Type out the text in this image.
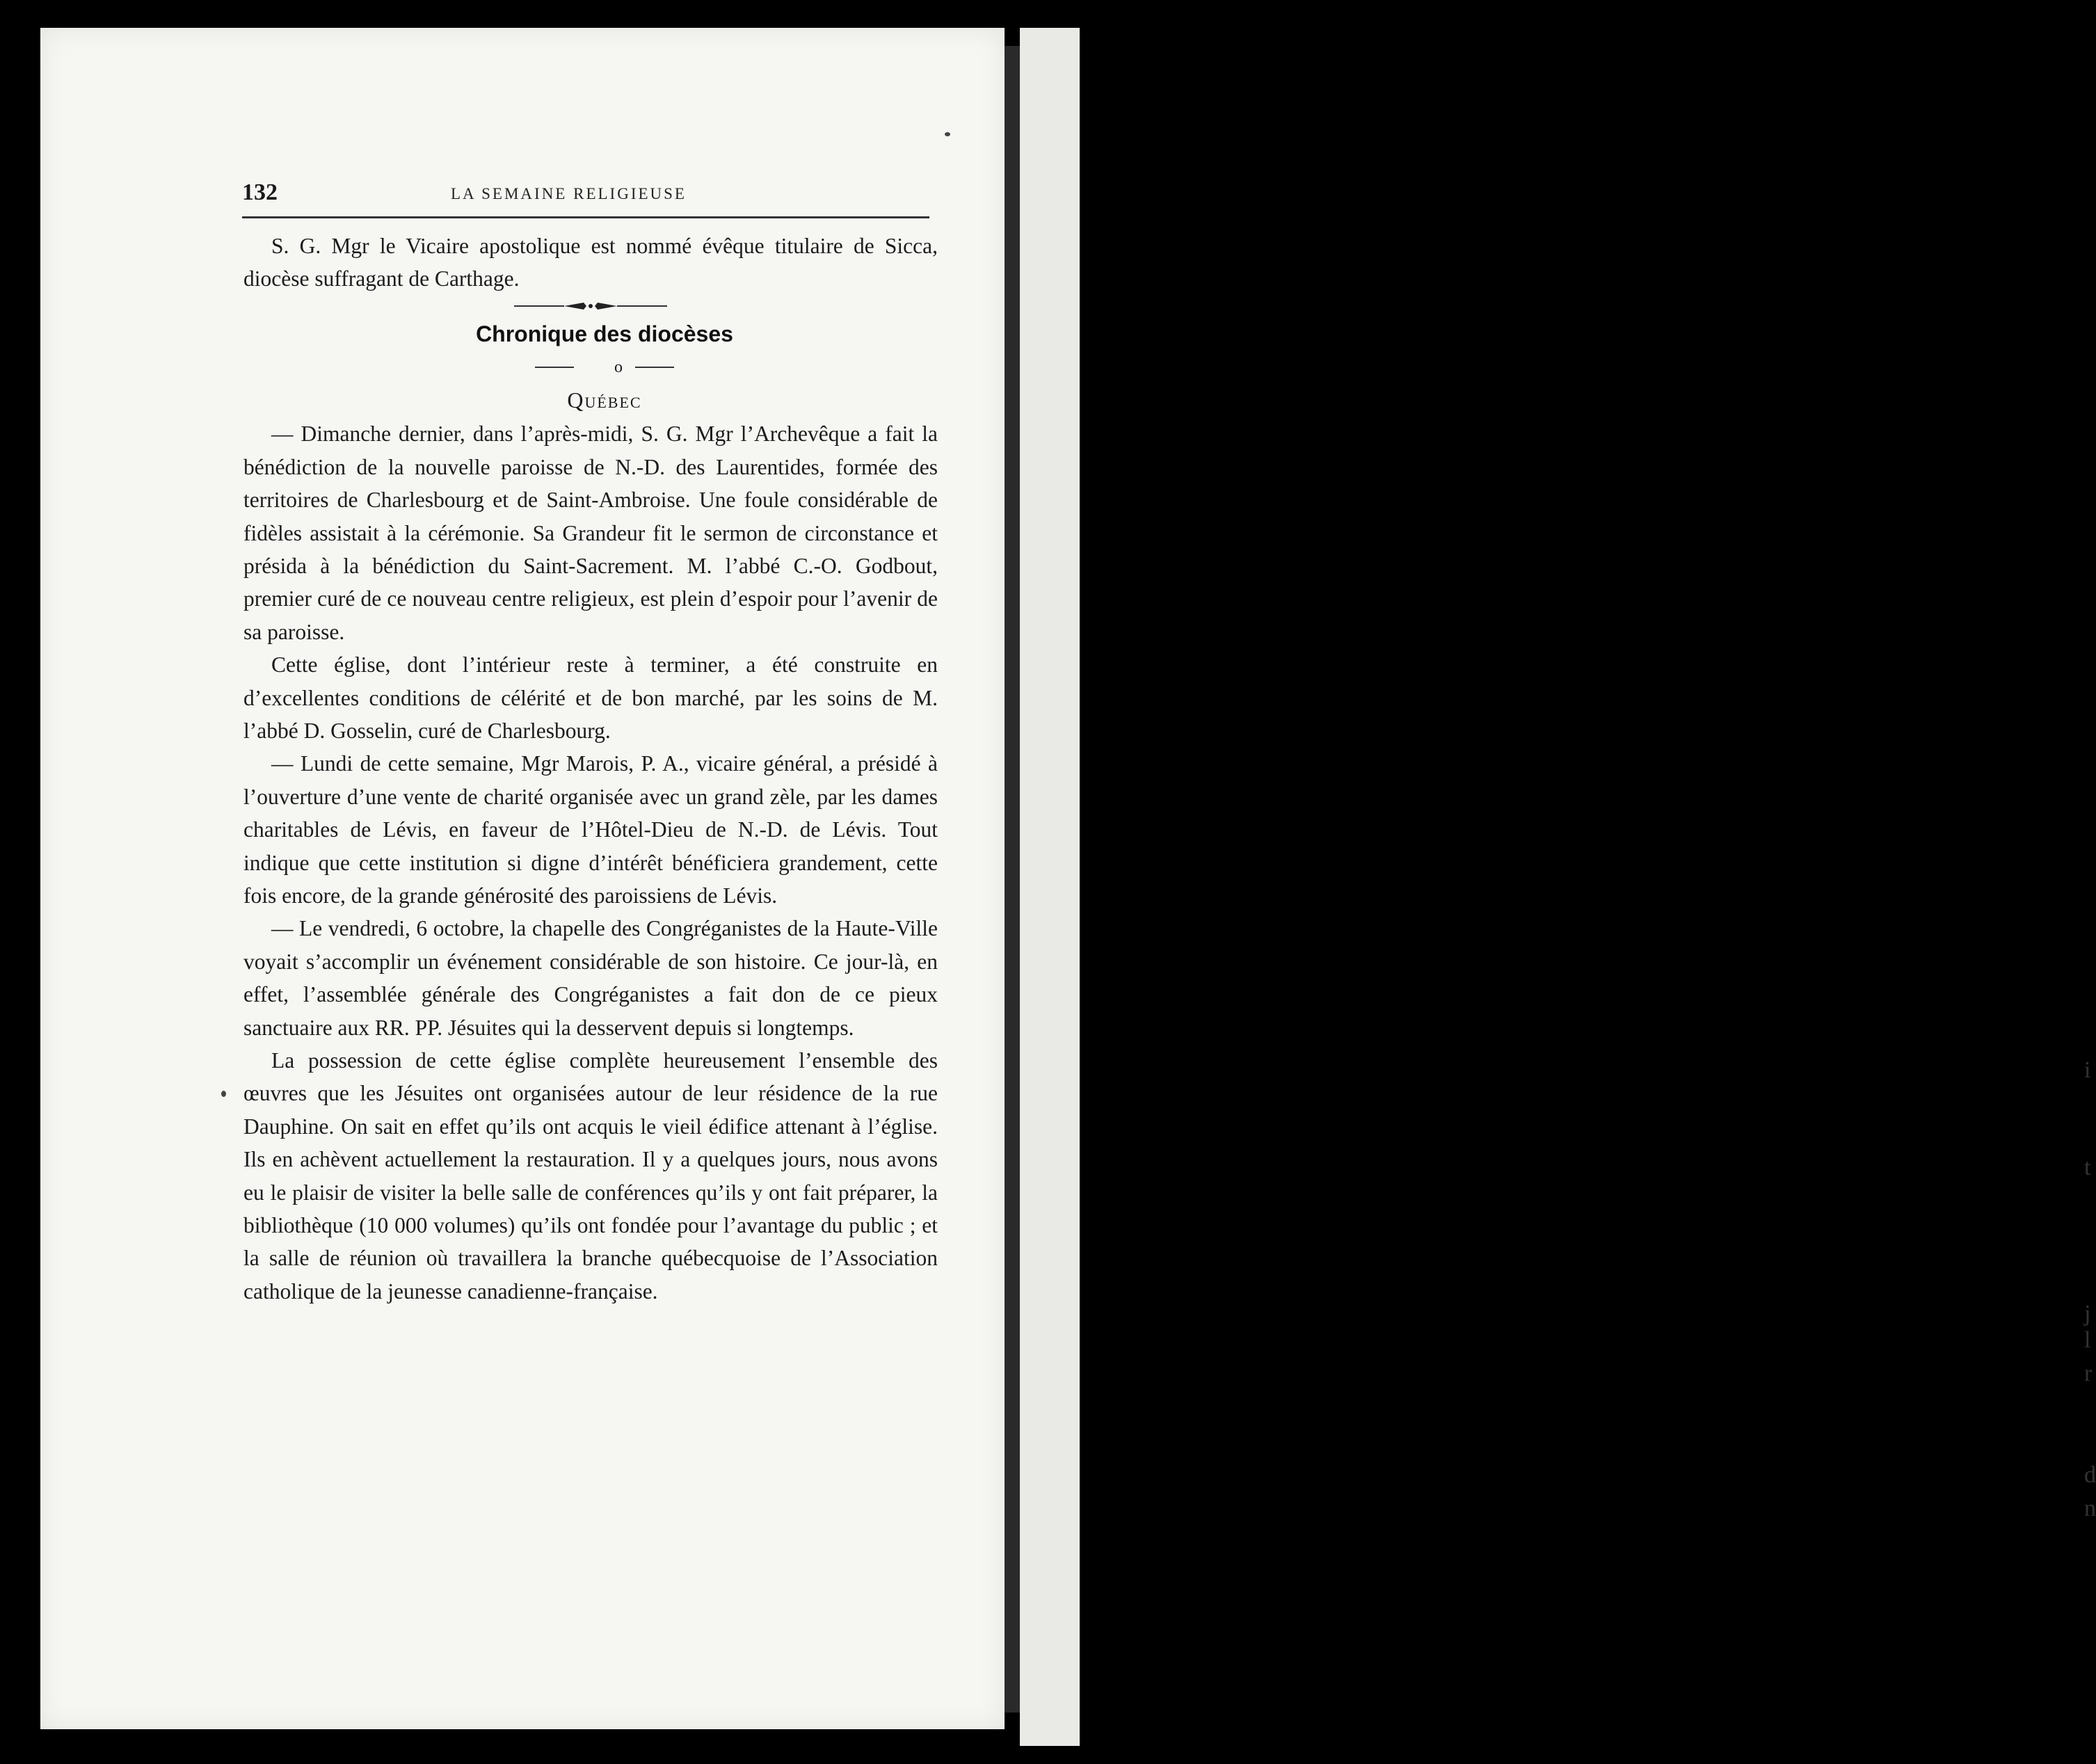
i
t
j
l
r
d
n
132	LA SEMAINE RELIGIEUSE

S. G. Mgr le Vicaire apostolique est nommé évêque titulaire de Sicca, diocèse suffragant de Carthage.

Chronique des diocèses

o

Québec

— Dimanche dernier, dans l’après-midi, S. G. Mgr l’Archevêque a fait la bénédiction de la nouvelle paroisse de N.-D. des Laurentides, formée des territoires de Charlesbourg et de Saint-Ambroise. Une foule considérable de fidèles assistait à la cérémonie. Sa Grandeur fit le sermon de circonstance et présida à la bénédiction du Saint-Sacrement. M. l’abbé C.-O. Godbout, premier curé de ce nouveau centre religieux, est plein d’espoir pour l’avenir de sa paroisse.

Cette église, dont l’intérieur reste à terminer, a été construite en d’excellentes conditions de célérité et de bon marché, par les soins de M. l’abbé D. Gosselin, curé de Charlesbourg.

— Lundi de cette semaine, Mgr Marois, P. A., vicaire général, a présidé à l’ouverture d’une vente de charité organisée avec un grand zèle, par les dames charitables de Lévis, en faveur de l’Hôtel-Dieu de N.-D. de Lévis. Tout indique que cette institution si digne d’intérêt bénéficiera grandement, cette fois encore, de la grande générosité des paroissiens de Lévis.

— Le vendredi, 6 octobre, la chapelle des Congréganistes de la Haute-Ville voyait s’accomplir un événement considérable de son histoire. Ce jour-là, en effet, l’assemblée générale des Congréganistes a fait don de ce pieux sanctuaire aux RR. PP. Jésuites qui la desservent depuis si longtemps.

La possession de cette église complète heureusement l’ensemble des œuvres que les Jésuites ont organisées autour de leur résidence de la rue Dauphine. On sait en effet qu’ils ont acquis le vieil édifice attenant à l’église. Ils en achèvent actuellement la restauration. Il y a quelques jours, nous avons eu le plaisir de visiter la belle salle de conférences qu’ils y ont fait préparer, la bibliothèque (10 000 volumes) qu’ils ont fondée pour l’avantage du public ; et la salle de réunion où travaillera la branche québecquoise de l’Association catholique de la jeunesse canadienne-française.
